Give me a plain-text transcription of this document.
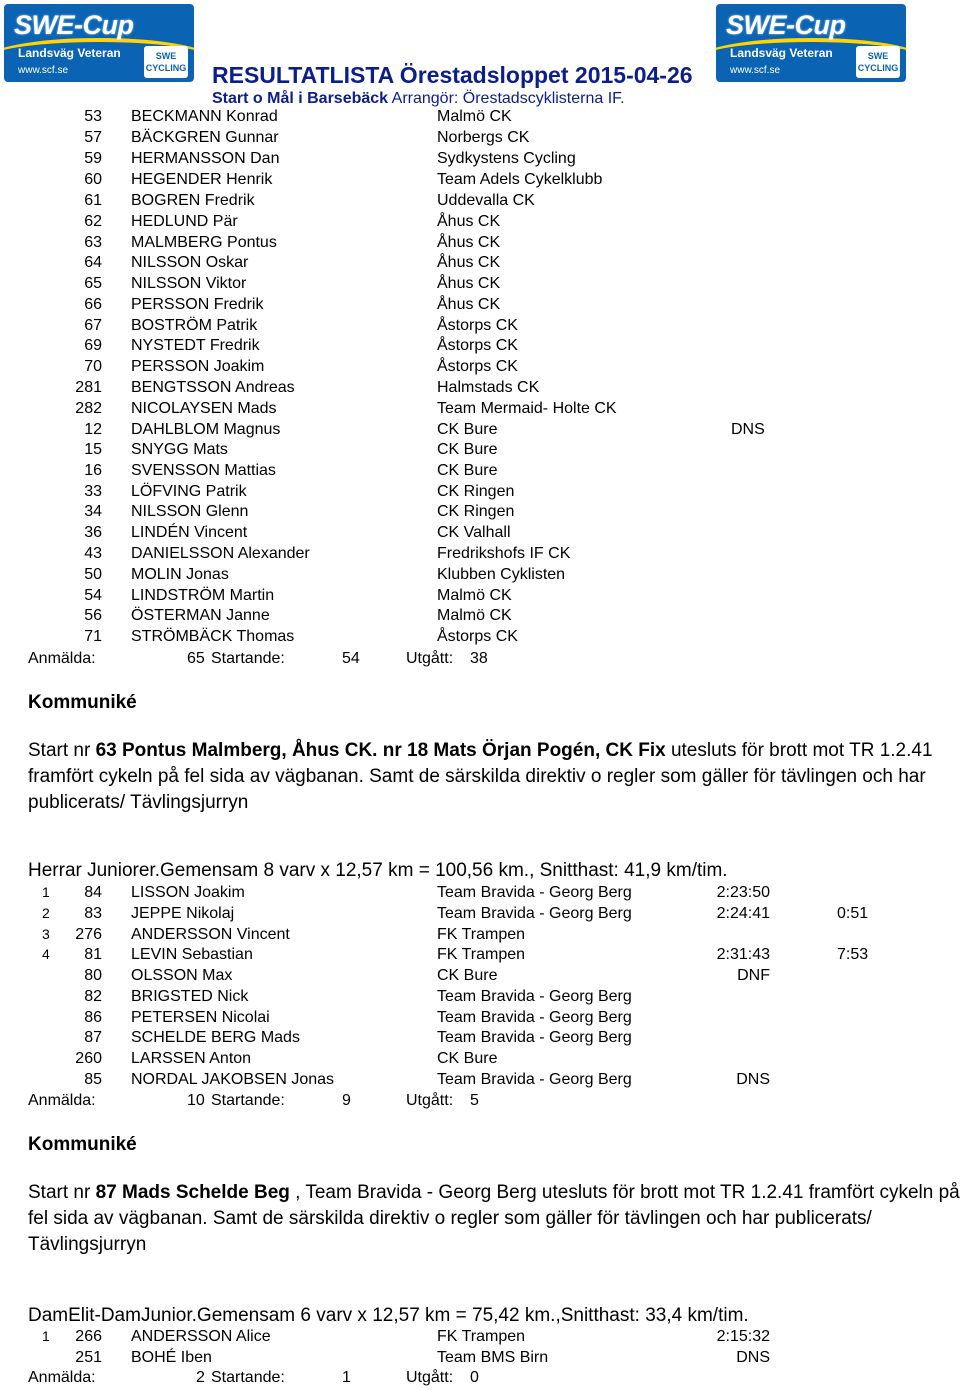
SWE-Cup
Landsväg Veteran
www.scf.se
SWE CYCLING
SWE-Cup
Landsväg Veteran
www.scf.se
SWE CYCLING
RESULTATLISTA Örestadsloppet 2015-04-26
Start o Mål i Barsebäck Arrangör: Örestadscyklisterna IF.
53 BECKMANN Konrad	Malmö CK
57 BÄCKGREN Gunnar	Norbergs CK
59 HERMANSSON Dan	Sydkystens Cycling
60 HEGENDER Henrik	Team Adels Cykelklubb
61 BOGREN Fredrik	Uddevalla CK
62 HEDLUND Pär	Åhus CK
63 MALMBERG Pontus	Åhus CK
64 NILSSON Oskar	Åhus CK
65 NILSSON Viktor	Åhus CK
66 PERSSON Fredrik	Åhus CK
67 BOSTRÖM Patrik	Åstorps CK
69 NYSTEDT Fredrik	Åstorps CK
70 PERSSON Joakim	Åstorps CK
281 BENGTSSON Andreas	Halmstads CK
282 NICOLAYSEN Mads	Team Mermaid- Holte CK
12 DAHLBLOM Magnus	CK Bure	DNS
15 SNYGG Mats	CK Bure
16 SVENSSON Mattias	CK Bure
33 LÖFVING Patrik	CK Ringen
34 NILSSON Glenn	CK Ringen
36 LINDÉN Vincent	CK Valhall
43 DANIELSSON Alexander	Fredrikshofs IF CK
50 MOLIN Jonas	Klubben Cyklisten
54 LINDSTRÖM Martin	Malmö CK
56 ÖSTERMAN Janne	Malmö CK
71 STRÖMBÄCK Thomas	Åstorps CK
Anmälda:	65 Startande:	54	Utgått: 38
Kommuniké
Start nr 63 Pontus Malmberg, Åhus CK. nr 18 Mats Örjan Pogén, CK Fix utesluts för brott mot TR 1.2.41 framfört cykeln på fel sida av vägbanan. Samt de särskilda direktiv o regler som gäller för tävlingen och har publicerats/ Tävlingsjurryn
Herrar Juniorer.Gemensam 8 varv x 12,57 km = 100,56 km., Snitthast: 41,9 km/tim.
1 84 LISSON Joakim	Team Bravida - Georg Berg	2:23:50
2 83 JEPPE Nikolaj	Team Bravida - Georg Berg	2:24:41	0:51
3 276 ANDERSSON Vincent	FK Trampen
4 81 LEVIN Sebastian	FK Trampen	2:31:43	7:53
80 OLSSON Max	CK Bure	DNF
82 BRIGSTED Nick	Team Bravida - Georg Berg
86 PETERSEN Nicolai	Team Bravida - Georg Berg
87 SCHELDE BERG Mads	Team Bravida - Georg Berg
260 LARSSEN Anton	CK Bure
85 NORDAL JAKOBSEN Jonas	Team Bravida - Georg Berg	DNS
Anmälda:	10 Startande:	9	Utgått: 5
Kommuniké
Start nr 87 Mads Schelde Beg , Team Bravida - Georg Berg utesluts för brott mot TR 1.2.41 framfört cykeln på fel sida av vägbanan. Samt de särskilda direktiv o regler som gäller för tävlingen och har publicerats/ Tävlingsjurryn
DamElit-DamJunior.Gemensam 6 varv x 12,57 km = 75,42 km.,Snitthast: 33,4 km/tim.
1 266 ANDERSSON Alice	FK Trampen	2:15:32
251 BOHÉ Iben	Team BMS Birn	DNS
Anmälda:	2 Startande:	1	Utgått: 0
